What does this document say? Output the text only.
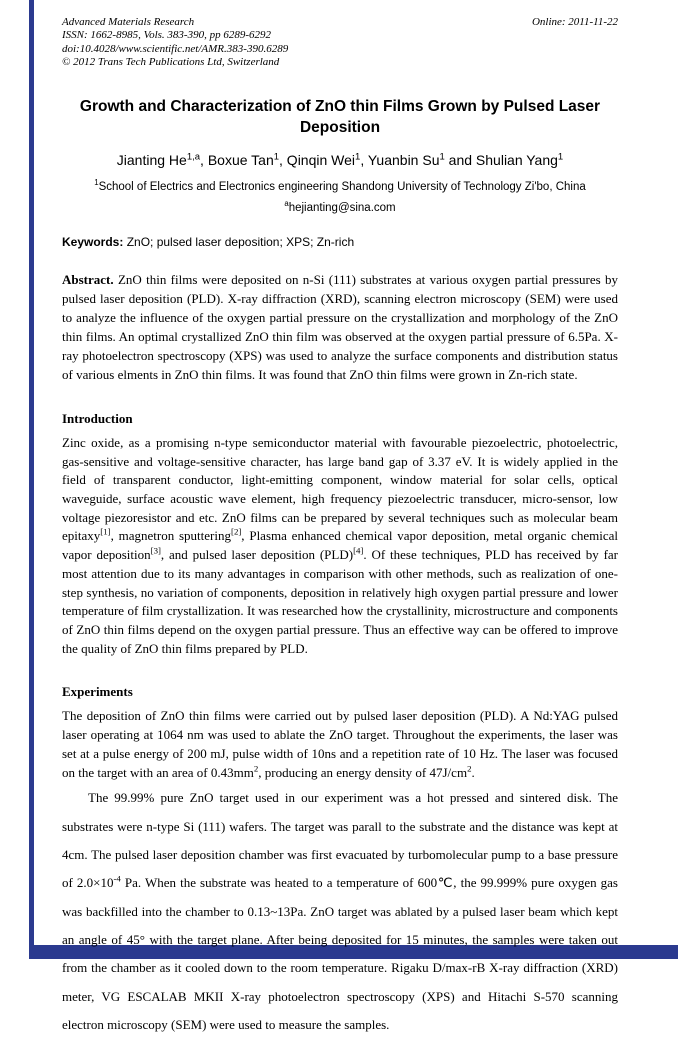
Advanced Materials Research	Online: 2011-11-22
ISSN: 1662-8985, Vols. 383-390, pp 6289-6292
doi:10.4028/www.scientific.net/AMR.383-390.6289
© 2012 Trans Tech Publications Ltd, Switzerland
Growth and Characterization of ZnO thin Films Grown by Pulsed Laser Deposition
Jianting He$^{1,a}$, Boxue Tan$^1$, Qinqin Wei$^1$, Yuanbin Su$^1$ and Shulian Yang$^1$
$^1$School of Electrics and Electronics engineering Shandong University of Technology Zi'bo, China
$^a$hejianting@sina.com

Keywords: ZnO; pulsed laser deposition; XPS; Zn-rich

Abstract. ZnO thin films were deposited on n-Si (111) substrates at various oxygen partial pressures by pulsed laser deposition (PLD). X-ray diffraction (XRD), scanning electron microscopy (SEM) were used to analyze the influence of the oxygen partial pressure on the crystallization and morphology of the ZnO thin films. An optimal crystallized ZnO thin film was observed at the oxygen partial pressure of 6.5Pa. X-ray photoelectron spectroscopy (XPS) was used to analyze the surface components and distribution status of various elments in ZnO thin films. It was found that ZnO thin films were grown in Zn-rich state.

Introduction

Zinc oxide, as a promising n-type semiconductor material with favourable piezoelectric, photoelectric, gas-sensitive and voltage-sensitive character, has large band gap of 3.37 eV. It is widely applied in the field of transparent conductor, light-emitting component, window material for solar cells, optical waveguide, surface acoustic wave element, high frequency piezoelectric transducer, micro-sensor, low voltage piezoresistor and etc. ZnO films can be prepared by several techniques such as molecular beam epitaxy[1], magnetron sputtering[2], Plasma enhanced chemical vapor deposition, metal organic chemical vapor deposition[3], and pulsed laser deposition (PLD)[4]. Of these techniques, PLD has received by far most attention due to its many advantages in comparison with other methods, such as realization of one-step synthesis, no variation of components, deposition in relatively high oxygen partial pressure and lower temperature of film crystallization. It was researched how the crystallinity, microstructure and components of ZnO thin films depend on the oxygen partial pressure. Thus an effective way can be offered to improve the quality of ZnO thin films prepared by PLD.

Experiments

The deposition of ZnO thin films were carried out by pulsed laser deposition (PLD). A Nd:YAG pulsed laser operating at 1064 nm was used to ablate the ZnO target. Throughout the experiments, the laser was set at a pulse energy of 200 mJ, pulse width of 10ns and a repetition rate of 10 Hz. The laser was focused on the target with an area of $0.43mm^2$, producing an energy density of $47J/cm^2$.

The 99.99% pure ZnO target used in our experiment was a hot pressed and sintered disk. The substrates were n-type Si (111) wafers. The target was parall to the substrate and the distance was kept at 4cm. The pulsed laser deposition chamber was first evacuated by turbomolecular pump to a base pressure of $2.0\times 10^{-4}$ Pa. When the substrate was heated to a temperature of 600℃, the 99.999% pure oxygen gas was backfilled into the chamber to 0.13~13Pa. ZnO target was ablated by a pulsed laser beam which kept an angle of 45° with the target plane. After being deposited for 15 minutes, the samples were taken out from the chamber as it cooled down to the room temperature. Rigaku D/max-rB X-ray diffraction (XRD) meter, VG ESCALAB MKII X-ray photoelectron spectroscopy (XPS) and Hitachi S-570 scanning electron microscopy (SEM) were used to measure the samples.
